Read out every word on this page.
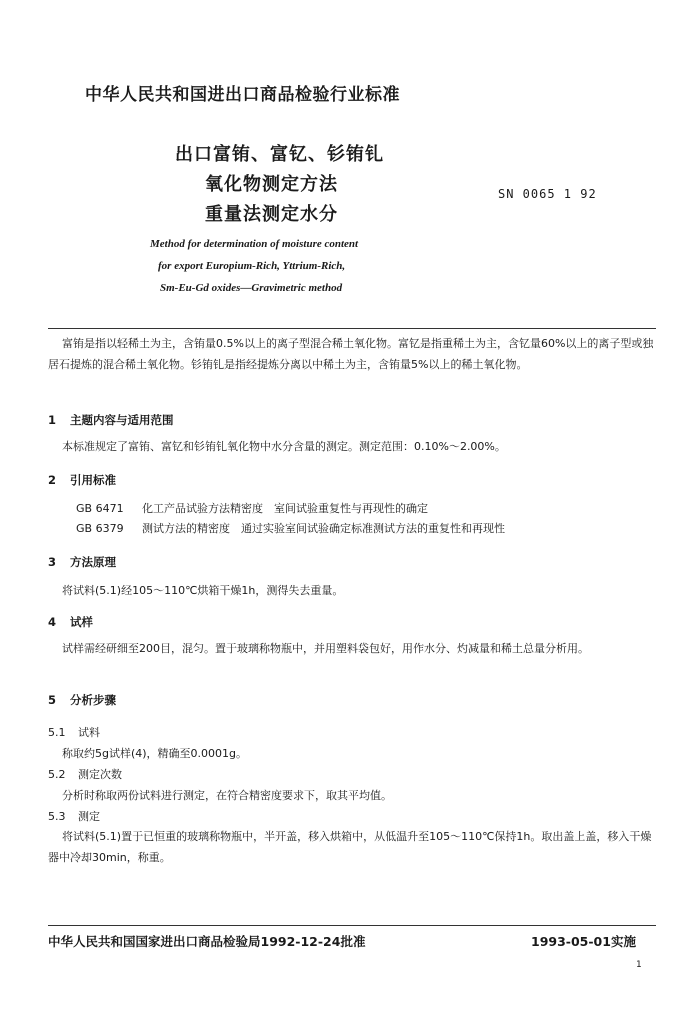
中华人民共和国进出口商品检验行业标准
出口富铕、富钇、钐铕钆
氧化物测定方法
重量法测定水分
SN 0065 1 92
Method for determination of moisture content
for export Europium-Rich, Yttrium-Rich,
Sm-Eu-Gd oxides—Gravimetric method
富铕是指以轻稀土为主，含铕量0.5%以上的离子型混合稀土氧化物。富钇是指重稀土为主，含钇量60%以上的离子型或独居石提炼的混合稀土氧化物。钐铕钆是指经提炼分离以中稀土为主，含铕量5%以上的稀土氧化物。
1 主题内容与适用范围
本标准规定了富铕、富钇和钐铕钆氧化物中水分含量的测定。测定范围：0.10%～2.00%。
2 引用标准
GB 6471 化工产品试验方法精密度　室间试验重复性与再现性的确定
GB 6379 测试方法的精密度　通过实验室间试验确定标准测试方法的重复性和再现性
3 方法原理
将试料(5.1)经105～110℃烘箱干燥1h，测得失去重量。
4 试样
试样需经研细至200目，混匀。置于玻璃称物瓶中，并用塑料袋包好，用作水分、灼减量和稀土总量分析用。
5 分析步骤
5.1 试料
称取约5g试样(4)，精确至0.0001g。
5.2 测定次数
分析时称取两份试料进行测定，在符合精密度要求下，取其平均值。
5.3 测定
将试料(5.1)置于已恒重的玻璃称物瓶中，半开盖，移入烘箱中，从低温升至105～110℃保持1h。取出盖上盖，移入干燥器中冷却30min，称重。
中华人民共和国国家进出口商品检验局1992-12-24批准	1993-05-01实施
1
